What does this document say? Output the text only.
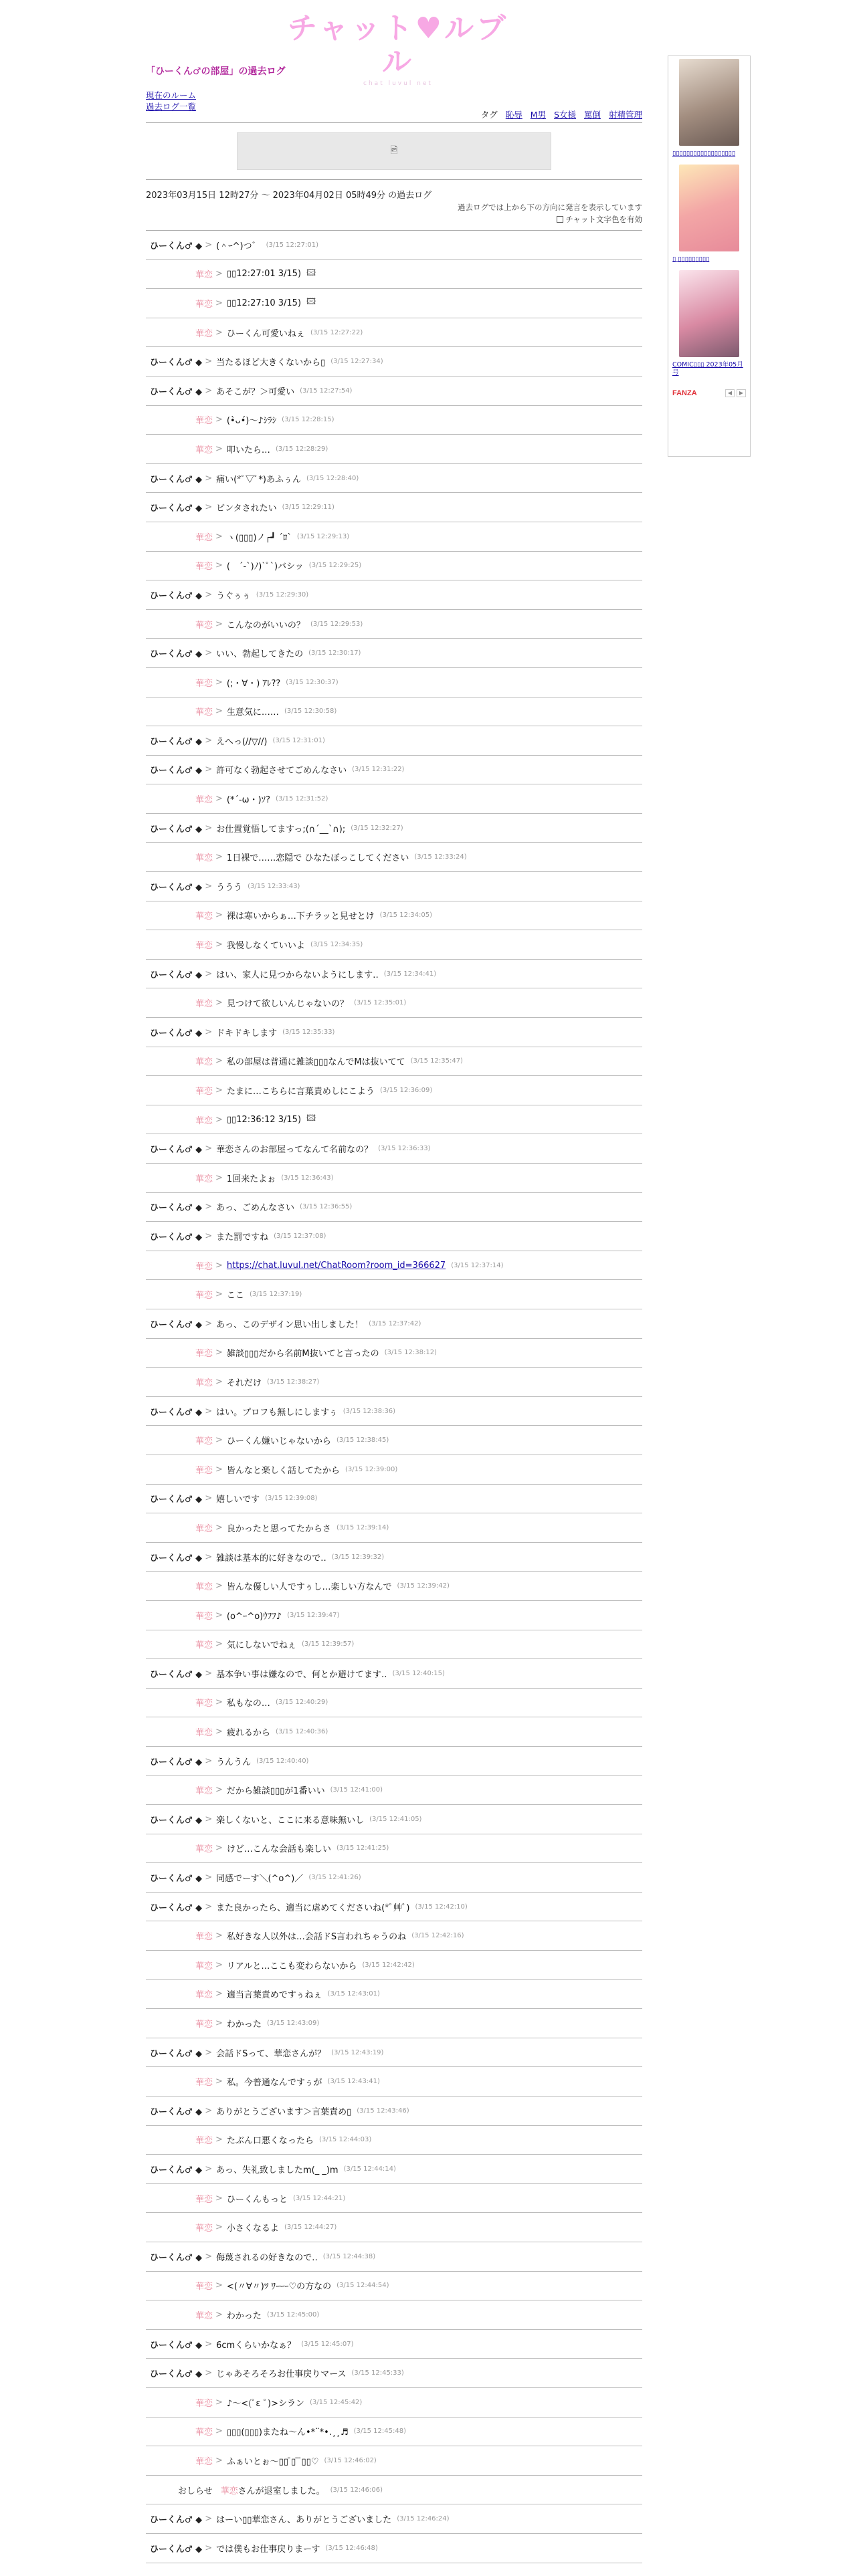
チャット♥ルブル
chat luvul net
「ひーくん♂の部屋」の過去ログ
現在のルーム
過去ログ一覧
タグ 恥辱 M男 S女様 罵倒 射精管理
🖻
2023年03月15日 12時27分 〜 2023年04月02日 05時49分 の過去ログ
過去ログでは上から下の方向に発言を表示しています
チャット文字色を有効
ひーくん♂ ◆ > (＾ｰ^)つ゛ (3/15 12:27:01)
華恋 > ▯▯12:27:01 3/15) 🖾
華恋 > ▯▯12:27:10 3/15) 🖾
華恋 > ひーくん可愛いねぇ (3/15 12:27:22)
ひーくん♂ ◆ > 当たるほど大きくないから▯ (3/15 12:27:34)
ひーくん♂ ◆ > あそこが？＞可愛い (3/15 12:27:54)
華恋 > (•̀ᴗ•́)〜♪ｼﾗｼ (3/15 12:28:15)
華恋 > 叩いたら… (3/15 12:28:29)
ひーくん♂ ◆ > 痛い(*ﾟ▽ﾟ*)あふぅん (3/15 12:28:40)
ひーくん♂ ◆ > ビンタされたい (3/15 12:29:11)
華恋 > ヽ(▯▯▯)ノ┌┛ ´ﾛ` (3/15 12:29:13)
華恋 > (　´-`)ﾉ)`ﾟ`)バシッ (3/15 12:29:25)
ひーくん♂ ◆ > うぐぅぅ (3/15 12:29:30)
華恋 > こんなのがいいの？ (3/15 12:29:53)
ひーくん♂ ◆ > いい、勃起してきたの (3/15 12:30:17)
華恋 > (;・∀・) ｱﾚ?? (3/15 12:30:37)
華恋 > 生意気に…… (3/15 12:30:58)
ひーくん♂ ◆ > えへっ(//▽//) (3/15 12:31:01)
ひーくん♂ ◆ > 許可なく勃起させてごめんなさい (3/15 12:31:22)
華恋 > (*´-ω・)ｿ? (3/15 12:31:52)
ひーくん♂ ◆ > お仕置覚悟してますっ;(∩´__`∩); (3/15 12:32:27)
華恋 > 1日裸で……恋隠で ひなたぼっこしてください (3/15 12:33:24)
ひーくん♂ ◆ > ううう (3/15 12:33:43)
華恋 > 裸は寒いからぁ…下チラッと見せとけ (3/15 12:34:05)
華恋 > 我慢しなくていいよ (3/15 12:34:35)
ひーくん♂ ◆ > はい、家人に見つからないようにします‥ (3/15 12:34:41)
華恋 > 見つけて欲しいんじゃないの？ (3/15 12:35:01)
ひーくん♂ ◆ > ドキドキします (3/15 12:35:33)
華恋 > 私の部屋は普通に雑談▯▯▯なんでMは抜いてて (3/15 12:35:47)
華恋 > たまに…こちらに言葉責めしにこよう (3/15 12:36:09)
華恋 > ▯▯12:36:12 3/15) 🖾
ひーくん♂ ◆ > 華恋さんのお部屋ってなんて名前なの？ (3/15 12:36:33)
華恋 > 1回来たよぉ (3/15 12:36:43)
ひーくん♂ ◆ > あっ、ごめんなさい (3/15 12:36:55)
ひーくん♂ ◆ > また罰ですね (3/15 12:37:08)
華恋 > https://chat.luvul.net/ChatRoom?room_id=366627 (3/15 12:37:14)
華恋 > ここ (3/15 12:37:19)
ひーくん♂ ◆ > あっ、このデザイン思い出しました！ (3/15 12:37:42)
華恋 > 雑談▯▯▯だから名前M抜いてと言ったの (3/15 12:38:12)
華恋 > それだけ (3/15 12:38:27)
ひーくん♂ ◆ > はい。プロフも無しにしますぅ (3/15 12:38:36)
華恋 > ひーくん嫌いじゃないから (3/15 12:38:45)
華恋 > 皆んなと楽しく話してたから (3/15 12:39:00)
ひーくん♂ ◆ > 嬉しいです (3/15 12:39:08)
華恋 > 良かったと思ってたからさ (3/15 12:39:14)
ひーくん♂ ◆ > 雑談は基本的に好きなので‥ (3/15 12:39:32)
華恋 > 皆んな優しい人ですぅし…楽しい方なんで (3/15 12:39:42)
華恋 > (o^ｰ^o)ｳﾌﾌ♪ (3/15 12:39:47)
華恋 > 気にしないでねぇ (3/15 12:39:57)
ひーくん♂ ◆ > 基本争い事は嫌なので、何とか避けてます‥ (3/15 12:40:15)
華恋 > 私もなの… (3/15 12:40:29)
華恋 > 疲れるから (3/15 12:40:36)
ひーくん♂ ◆ > うんうん (3/15 12:40:40)
華恋 > だから雑談▯▯▯が1番いい (3/15 12:41:00)
ひーくん♂ ◆ > 楽しくないと、ここに来る意味無いし (3/15 12:41:05)
華恋 > けど…こんな会話も楽しい (3/15 12:41:25)
ひーくん♂ ◆ > 同感でーす＼(^o^)／ (3/15 12:41:26)
ひーくん♂ ◆ > また良かったら、適当に虐めてくださいね(*ﾟ艸ﾟ) (3/15 12:42:10)
華恋 > 私好きな人以外は…会話ドS言われちゃうのね (3/15 12:42:16)
華恋 > リアルと…ここも変わらないから (3/15 12:42:42)
華恋 > 適当言葉責めですぅねぇ (3/15 12:43:01)
華恋 > わかった (3/15 12:43:09)
ひーくん♂ ◆ > 会話ドSって、華恋さんが？ (3/15 12:43:19)
華恋 > 私。今普通なんですぅが (3/15 12:43:41)
ひーくん♂ ◆ > ありがとうございます＞言葉責め▯ (3/15 12:43:46)
華恋 > たぶん口悪くなったら (3/15 12:44:03)
ひーくん♂ ◆ > あっ、失礼致しましたm(_ _)m (3/15 12:44:14)
華恋 > ひーくんもっと (3/15 12:44:21)
華恋 > 小さくなるよ (3/15 12:44:27)
ひーくん♂ ◆ > 侮蔑されるの好きなので‥ (3/15 12:44:38)
華恋 > <(〃∀〃)ﾂ ﾜｰｰｰ♡の方なの (3/15 12:44:54)
華恋 > わかった (3/15 12:45:00)
ひーくん♂ ◆ > 6cmくらいかなぁ？ (3/15 12:45:07)
ひーくん♂ ◆ > じゃあそろそろお仕事戻りマース (3/15 12:45:33)
華恋 > ♪〜<(ﾟε ﾟ)>シラン (3/15 12:45:42)
華恋 > ▯▯▯(▯▯▯)またね〜ん•*¨*•.¸¸♬ (3/15 12:45:48)
華恋 > ふぁいとぉ〜▯▯ ̄▯ ̄ ̄▯▯♡ (3/15 12:46:02)
おしらせ 華恋 さんが退室しました。 (3/15 12:46:06)
ひーくん♂ ◆ > はーい▯▯華恋さん、ありがとうございました (3/15 12:46:24)
ひーくん♂ ◆ > では僕もお仕事戻りまーす (3/15 12:46:48)
▯▯▯▯▯▯▯▯▯▯▯▯▯▯▯▯▯▯
▯ ▯▯▯▯▯▯▯▯▯
COMIC▯▯▯ 2023年05月号
FANZA	◀	▶
